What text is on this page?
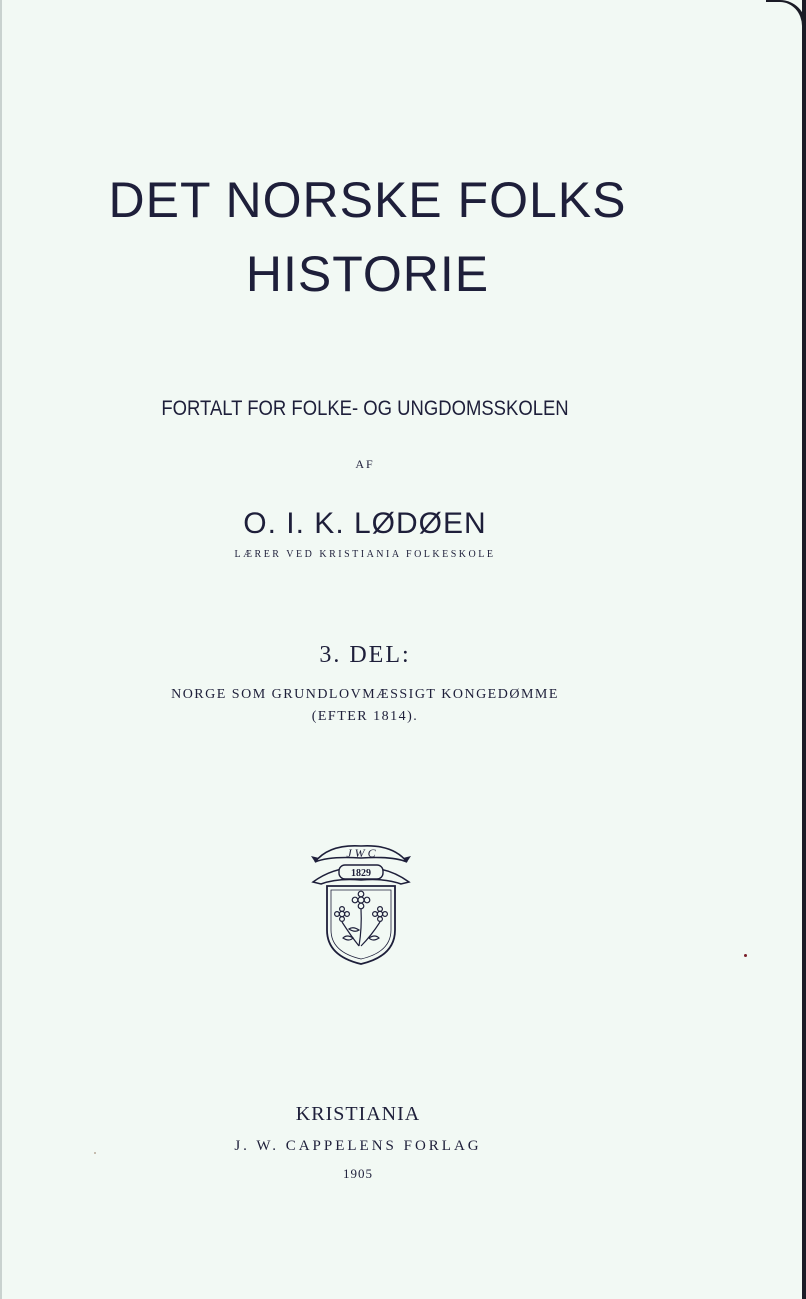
DET NORSKE FOLKS
HISTORIE
FORTALT FOR FOLKE- OG UNGDOMSSKOLEN
AF
O. I. K. LØDØEN
LÆRER VED KRISTIANIA FOLKESKOLE
3. DEL:
NORGE SOM GRUNDLOVMÆSSIGT KONGEDØMME
(EFTER 1814).
J W C
1829
KRISTIANIA
J. W. CAPPELENS FORLAG
1905
